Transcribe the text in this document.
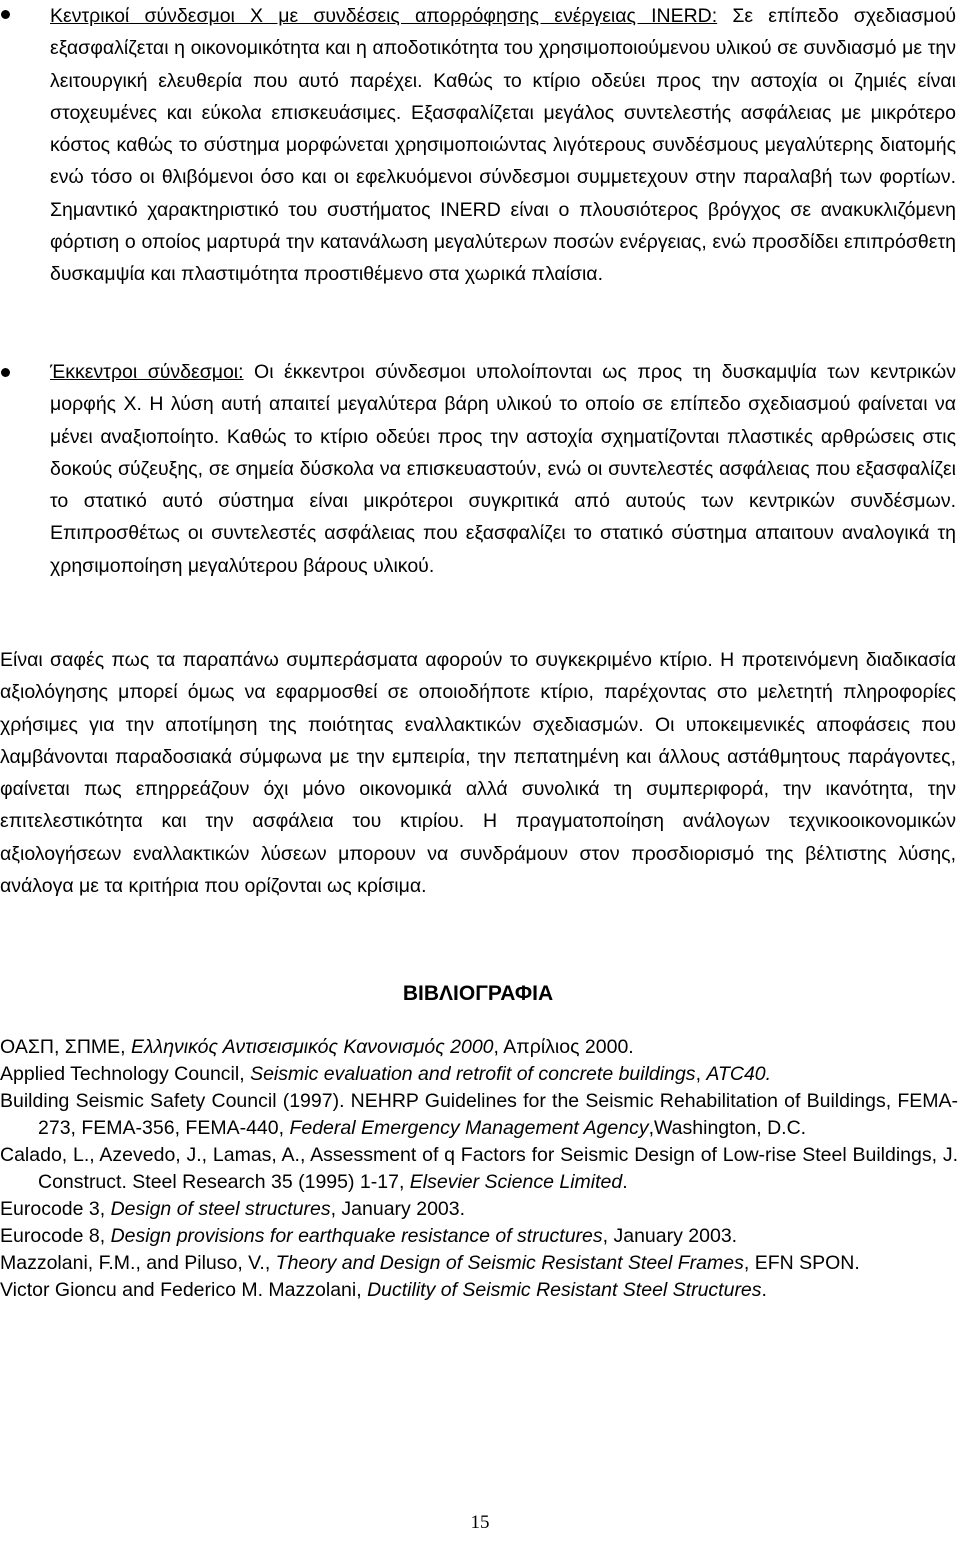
Κεντρικοί σύνδεσμοι Χ με συνδέσεις απορρόφησης ενέργειας INERD: Σε επίπεδο σχεδιασμού εξασφαλίζεται η οικονομικότητα και η αποδοτικότητα του χρησιμοποιούμενου υλικού σε συνδιασμό με την λειτουργική ελευθερία που αυτό παρέχει. Καθώς το κτίριο οδεύει προς την αστοχία οι ζημιές είναι στοχευμένες και εύκολα επισκευάσιμες. Εξασφαλίζεται μεγάλος συντελεστής ασφάλειας με μικρότερο κόστος καθώς το σύστημα μορφώνεται χρησιμοποιώντας λιγότερους συνδέσμους μεγαλύτερης διατομής ενώ τόσο οι θλιβόμενοι όσο και οι εφελκυόμενοι σύνδεσμοι συμμετεχουν στην παραλαβή των φορτίων. Σημαντικό χαρακτηριστικό του συστήματος INERD είναι ο πλουσιότερος βρόγχος σε ανακυκλιζόμενη φόρτιση ο οποίος μαρτυρά την κατανάλωση μεγαλύτερων ποσών ενέργειας, ενώ προσδίδει επιπρόσθετη δυσκαμψία και πλαστιμότητα προστιθέμενο στα χωρικά πλαίσια.

Έκκεντροι σύνδεσμοι: Οι έκκεντροι σύνδεσμοι υπολοίπονται ως προς τη δυσκαμψία των κεντρικών μορφής Χ. Η λύση αυτή απαιτεί μεγαλύτερα βάρη υλικού το οποίο σε επίπεδο σχεδιασμού φαίνεται να μένει αναξιοποίητο. Καθώς το κτίριο οδεύει προς την αστοχία σχηματίζονται πλαστικές αρθρώσεις στις δοκούς σύζευξης, σε σημεία δύσκολα να επισκευαστούν, ενώ οι συντελεστές ασφάλειας που εξασφαλίζει το στατικό αυτό σύστημα είναι μικρότεροι συγκριτικά από αυτούς των κεντρικών συνδέσμων. Επιπροσθέτως οι συντελεστές ασφάλειας που εξασφαλίζει το στατικό σύστημα απαιτουν αναλογικά τη χρησιμοποίηση μεγαλύτερου βάρους υλικού.

Είναι σαφές πως τα παραπάνω συμπεράσματα αφορούν το συγκεκριμένο κτίριο. Η προτεινόμενη διαδικασία αξιολόγησης μπορεί όμως να εφαρμοσθεί σε οποιοδήποτε κτίριο, παρέχοντας στο μελετητή πληροφορίες χρήσιμες για την αποτίμηση της ποιότητας εναλλακτικών σχεδιασμών. Οι υποκειμενικές αποφάσεις που λαμβάνονται παραδοσιακά σύμφωνα με την εμπειρία, την πεπατημένη και άλλους αστάθμητους παράγοντες, φαίνεται πως επηρρεάζουν όχι μόνο οικονομικά αλλά συνολικά τη συμπεριφορά, την ικανότητα, την επιτελεστικότητα και την ασφάλεια του κτιρίου. Η πραγματοποίηση ανάλογων τεχνικοοικονομικών αξιολογήσεων εναλλακτικών λύσεων μπορουν να συνδράμουν στον προσδιορισμό της βέλτιστης λύσης, ανάλογα με τα κριτήρια που ορίζονται ως κρίσιμα.

ΒΙΒΛΙΟΓΡΑΦΙΑ

ΟΑΣΠ, ΣΠΜΕ, Ελληνικός Αντισεισμικός Κανονισμός 2000, Απρίλιος 2000.

Applied Technology Council, Seismic evaluation and retrofit of concrete buildings, ATC40.

Building Seismic Safety Council (1997). NEHRP Guidelines for the Seismic Rehabilitation of Buildings, FEMA-273, FEMA-356, FEMA-440, Federal Emergency Management Agency,Washington, D.C.

Calado, L., Azevedo, J., Lamas, A., Assessment of q Factors for Seismic Design of Low-rise Steel Buildings, J. Construct. Steel Research 35 (1995) 1-17, Elsevier Science Limited.

Eurocode 3, Design of steel structures, January 2003.

Eurocode 8, Design provisions for earthquake resistance of structures, January 2003.

Mazzolani, F.M., and Piluso, V., Theory and Design of Seismic Resistant Steel Frames, EFN SPON.

Victor Gioncu and Federico M. Mazzolani, Ductility of Seismic Resistant Steel Structures.

15
